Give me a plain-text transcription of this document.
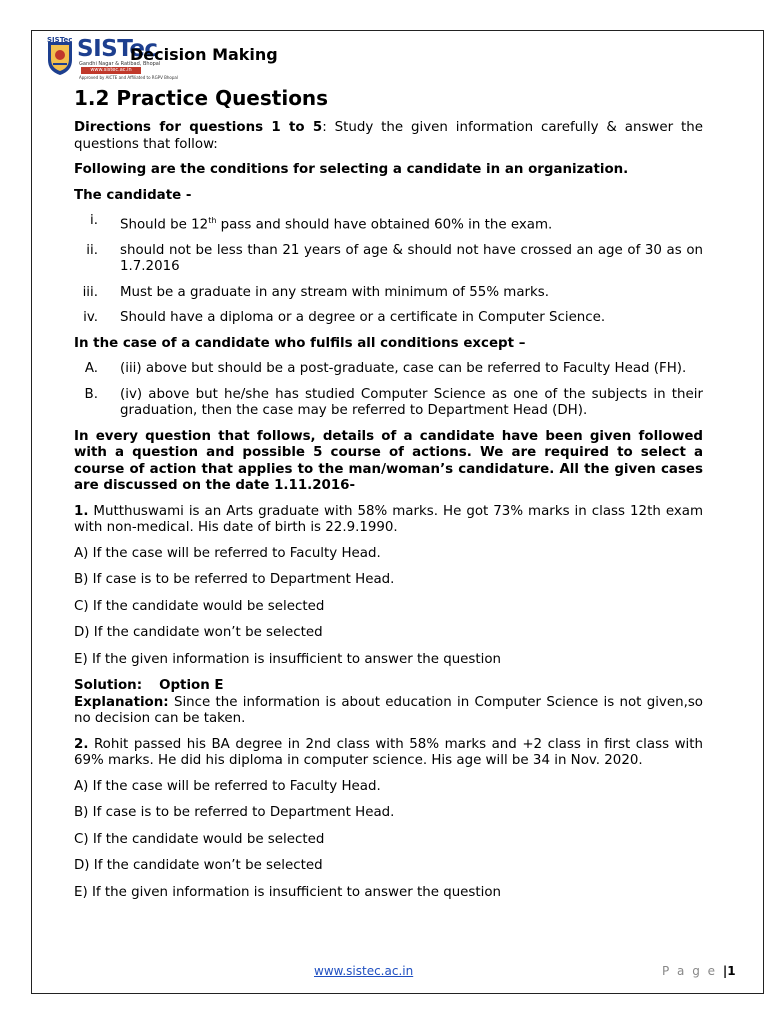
SISTec SISTec
Gandhi Nagar & Ratibad, Bhopal
www.sistec.ac.in
Approved by AICTE and Affiliated to RGPV Bhopal
Decision Making
1.2 Practice Questions

Directions for questions 1 to 5: Study the given information carefully & answer the questions that follow:

Following are the conditions for selecting a candidate in an organization.

The candidate -

i. Should be 12th pass and should have obtained 60% in the exam.
ii. should not be less than 21 years of age & should not have crossed an age of 30 as on 1.7.2016
iii. Must be a graduate in any stream with minimum of 55% marks.
iv. Should have a diploma or a degree or a certificate in Computer Science.

In the case of a candidate who fulfils all conditions except –

A. (iii) above but should be a post-graduate, case can be referred to Faculty Head (FH).
B. (iv) above but he/she has studied Computer Science as one of the subjects in their graduation, then the case may be referred to Department Head (DH).

In every question that follows, details of a candidate have been given followed with a question and possible 5 course of actions. We are required to select a course of action that applies to the man/woman’s candidature. All the given cases are discussed on the date 1.11.2016-

1. Mutthuswami is an Arts graduate with 58% marks. He got 73% marks in class 12th exam with non-medical. His date of birth is 22.9.1990.

A) If the case will be referred to Faculty Head.

B) If case is to be referred to Department Head.

C) If the candidate would be selected

D) If the candidate won’t be selected

E) If the given information is insufficient to answer the question

Solution: Option E

Explanation: Since the information is about education in Computer Science is not given,so no decision can be taken.

2. Rohit passed his BA degree in 2nd class with 58% marks and +2 class in first class with 69% marks. He did his diploma in computer science. His age will be 34 in Nov. 2020.

A) If the case will be referred to Faculty Head.

B) If case is to be referred to Department Head.

C) If the candidate would be selected

D) If the candidate won’t be selected

E) If the given information is insufficient to answer the question

www.sistec.ac.in	P a g e |1
